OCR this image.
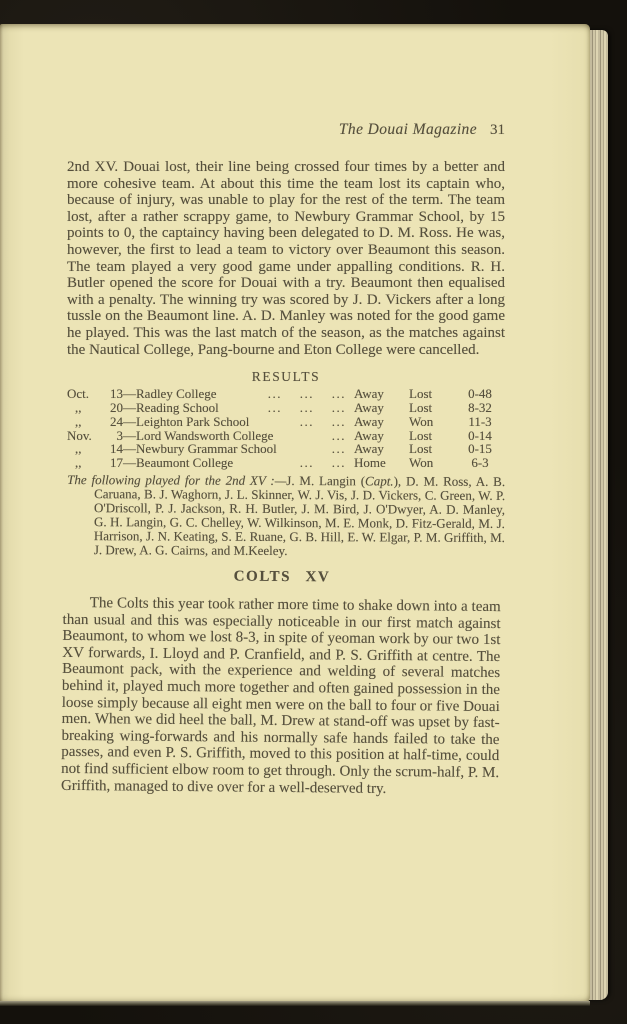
The Douai Magazine 31

2nd XV. Douai lost, their line being crossed four times by a better and more cohesive team. At about this time the team lost its captain who, because of injury, was unable to play for the rest of the term. The team lost, after a rather scrappy game, to Newbury Grammar School, by 15 points to 0, the captaincy having been delegated to D. M. Ross. He was, however, the first to lead a team to victory over Beaumont this season. The team played a very good game under appalling conditions. R. H. Butler opened the score for Douai with a try. Beaumont then equalised with a penalty. The winning try was scored by J. D. Vickers after a long tussle on the Beaumont line. A. D. Manley was noted for the good game he played. This was the last match of the season, as the matches against the Nautical College, Pang-bourne and Eton College were cancelled.

RESULTS
Oct.	13 —Radley College	... ... ... Away	Lost	0-48
,,	20 —Reading School	... ... ... Away	Lost	8-32
,,	24 —Leighton Park School	... ... Away	Won	11-3
Nov.	3 —Lord Wandsworth College	... Away	Lost	0-14
,,	14 —Newbury Grammar School	... Away	Lost	0-15
,,	17 —Beaumont College	... ... Home	Won	6-3

The following played for the 2nd XV :—J. M. Langin (Capt.), D. M. Ross, A. B. Caruana, B. J. Waghorn, J. L. Skinner, W. J. Vis, J. D. Vickers, C. Green, W. P. O'Driscoll, P. J. Jackson, R. H. Butler, J. M. Bird, J. O'Dwyer, A. D. Manley, G. H. Langin, G. C. Chelley, W. Wilkinson, M. E. Monk, D. Fitz-Gerald, M. J. Harrison, J. N. Keating, S. E. Ruane, G. B. Hill, E. W. Elgar, P. M. Griffith, M. J. Drew, A. G. Cairns, and M.Keeley.

COLTS XV

The Colts this year took rather more time to shake down into a team than usual and this was especially noticeable in our first match against Beaumont, to whom we lost 8-3, in spite of yeoman work by our two 1st XV forwards, I. Lloyd and P. Cranfield, and P. S. Griffith at centre. The Beaumont pack, with the experience and welding of several matches behind it, played much more together and often gained possession in the loose simply because all eight men were on the ball to four or five Douai men. When we did heel the ball, M. Drew at stand-off was upset by fast-breaking wing-forwards and his normally safe hands failed to take the passes, and even P. S. Griffith, moved to this position at half-time, could not find sufficient elbow room to get through. Only the scrum-half, P. M. Griffith, managed to dive over for a well-deserved try.
